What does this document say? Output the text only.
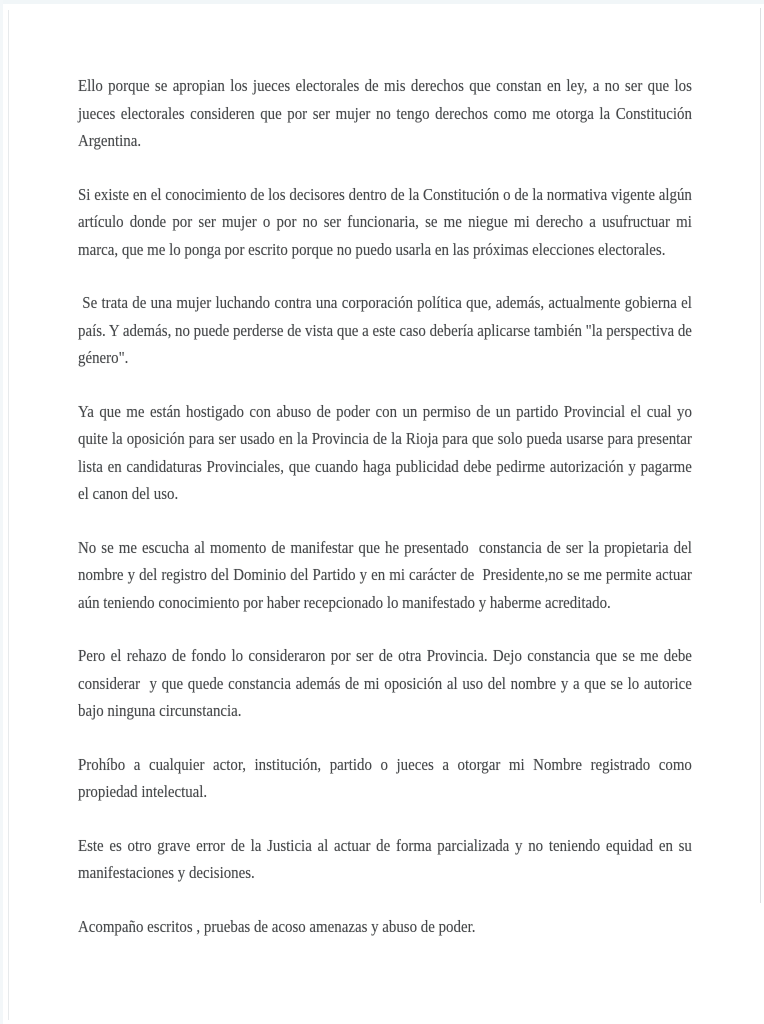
Ello porque se apropian los jueces electorales de mis derechos que constan en ley, a no ser que los jueces electorales consideren que por ser mujer no tengo derechos como me otorga la Constitución Argentina.

Si existe en el conocimiento de los decisores dentro de la Constitución o de la normativa vigente algún artículo donde por ser mujer o por no ser funcionaria, se me niegue mi derecho a usufructuar mi marca, que me lo ponga por escrito porque no puedo usarla en las próximas elecciones electorales.

Se trata de una mujer luchando contra una corporación política que, además, actualmente gobierna el país. Y además, no puede perderse de vista que a este caso debería aplicarse también "la perspectiva de género".

Ya que me están hostigado con abuso de poder con un permiso de un partido Provincial el cual yo quite la oposición para ser usado en la Provincia de la Rioja para que solo pueda usarse para presentar lista en candidaturas Provinciales, que cuando haga publicidad debe pedirme autorización y pagarme el canon del uso.

No se me escucha al momento de manifestar que he presentado  constancia de ser la propietaria del nombre y del registro del Dominio del Partido y en mi carácter de  Presidente,no se me permite actuar  aún teniendo conocimiento por haber recepcionado lo manifestado y haberme acreditado.

Pero el rehazo de fondo lo consideraron por ser de otra Provincia. Dejo constancia que se me debe considerar  y que quede constancia además de mi oposición al uso del nombre y a que se lo autorice bajo ninguna circunstancia.

Prohíbo a cualquier actor, institución, partido o jueces a otorgar mi Nombre registrado como propiedad intelectual.

Este es otro grave error de la Justicia al actuar de forma parcializada y no teniendo equidad en su manifestaciones y decisiones.

Acompaño escritos , pruebas de acoso amenazas y abuso de poder.
